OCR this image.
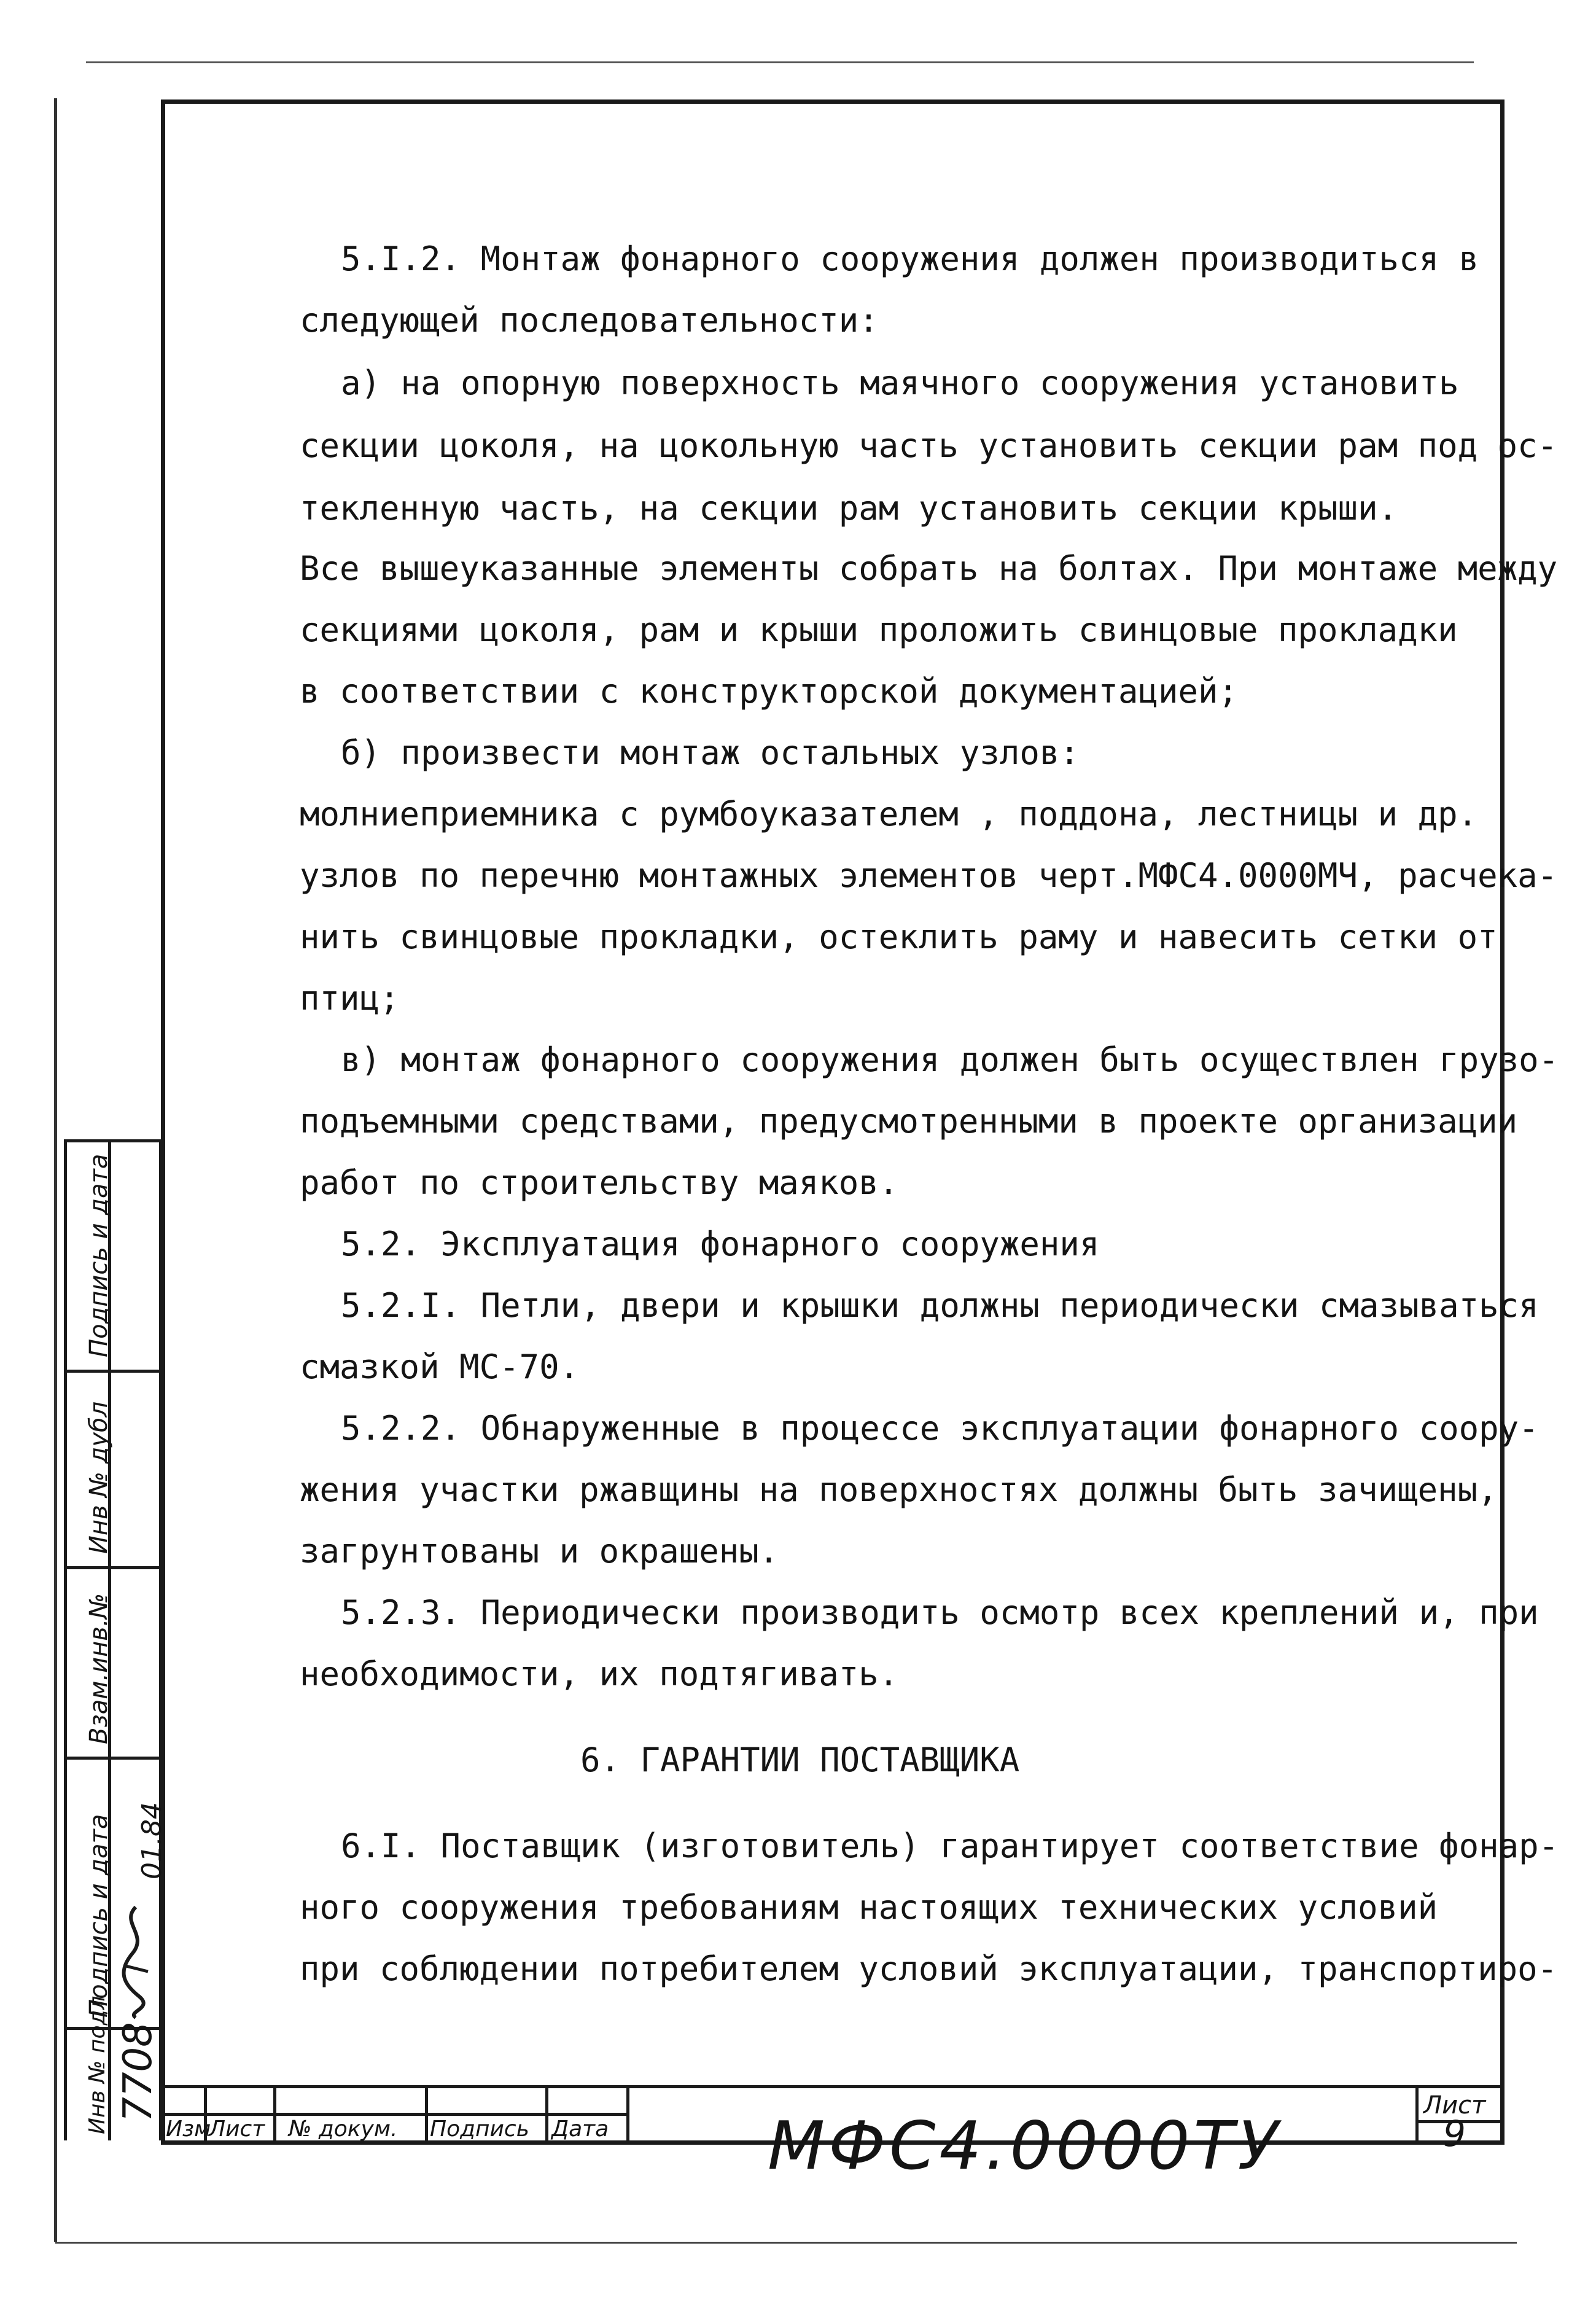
5.I.2. Монтаж фонарного сооружения должен производиться в
следующей последовательности:
а) на опорную поверхность маячного сооружения установить
секции цоколя, на цокольную часть установить секции рам под ос-
текленную часть, на секции рам установить секции крыши.
Все вышеуказанные элементы собрать на болтах. При монтаже между
секциями цоколя, рам и крыши проложить свинцовые прокладки
в соответствии с конструкторской документацией;
б) произвести монтаж остальных узлов:
молниеприемника с румбоуказателем , поддона, лестницы и др.
узлов по перечню монтажных элементов черт.МФС4.0000МЧ, расчека-
нить свинцовые прокладки, остеклить раму и навесить сетки от
птиц;
в) монтаж фонарного сооружения должен быть осуществлен грузо-
подъемными средствами, предусмотренными в проекте организации
работ по строительству маяков.
5.2. Эксплуатация фонарного сооружения
5.2.I. Петли, двери и крышки должны периодически смазываться
смазкой МС-70.
5.2.2. Обнаруженные в процессе эксплуатации фонарного соору-
жения участки ржавщины на поверхностях должны быть зачищены,
загрунтованы и окрашены.
5.2.3. Периодически производить осмотр всех креплений и, при
необходимости, их подтягивать.
6. ГАРАНТИИ ПОСТАВЩИКА
6.I. Поставщик (изготовитель) гарантирует соответствие фонар-
ного сооружения требованиям настоящих технических условий
при соблюдении потребителем условий эксплуатации, транспортиро-
Подпись и дата
Инв № дубл
Взам.инв.№
Подпись и дата 01.84
Инв № подл 7708
Изм
Лист № докум. Подпись Дата МФС4.0000ТУ
Лист
9
